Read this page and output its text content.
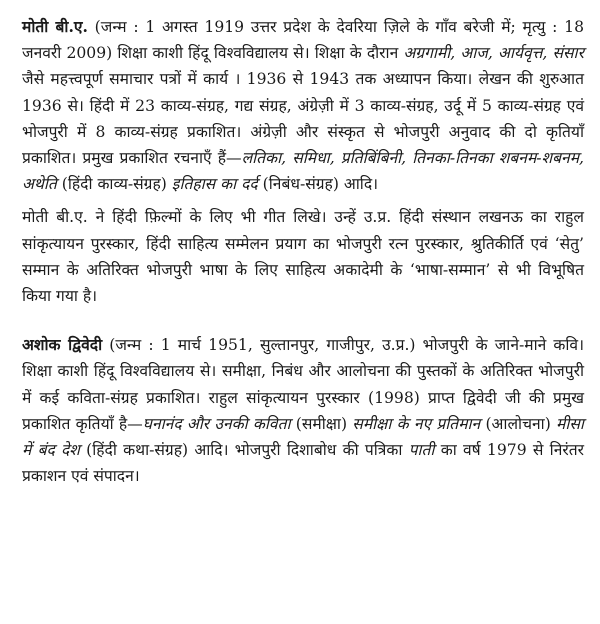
मोती बी.ए. (जन्म : 1 अगस्त 1919 उत्तर प्रदेश के देवरिया ज़िले के गाँव बरेजी में; मृत्यु : 18 जनवरी 2009) शिक्षा काशी हिंदू विश्वविद्यालय से। शिक्षा के दौरान अग्रगामी, आज, आर्यवृत्त, संसार जैसे महत्त्वपूर्ण समाचार पत्रों में कार्य । 1936 से 1943 तक अध्यापन किया। लेखन की शुरुआत 1936 से। हिंदी में 23 काव्य-संग्रह, गद्य संग्रह, अंग्रेज़ी में 3 काव्य-संग्रह, उर्दू में 5 काव्य-संग्रह एवं भोजपुरी में 8 काव्य-संग्रह प्रकाशित। अंग्रेज़ी और संस्कृत से भोजपुरी अनुवाद की दो कृतियाँ प्रकाशित। प्रमुख प्रकाशित रचनाएँ हैं—लतिका, समिधा, प्रतिबिंबिनी, तिनका-तिनका शबनम-शबनम, अथेति (हिंदी काव्य-संग्रह) इतिहास का दर्द (निबंध-संग्रह) आदि।

मोती बी.ए. ने हिंदी फ़िल्मों के लिए भी गीत लिखे। उन्हें उ.प्र. हिंदी संस्थान लखनऊ का राहुल सांकृत्यायन पुरस्कार, हिंदी साहित्य सम्मेलन प्रयाग का भोजपुरी रत्न पुरस्कार, श्रुतिकीर्ति एवं ‘सेतु’ सम्मान के अतिरिक्त भोजपुरी भाषा के लिए साहित्य अकादेमी के ‘भाषा-सम्मान’ से भी विभूषित किया गया है।

अशोक द्विवेदी (जन्म : 1 मार्च 1951, सुल्तानपुर, गाजीपुर, उ.प्र.) भोजपुरी के जाने-माने कवि। शिक्षा काशी हिंदू विश्वविद्यालय से। समीक्षा, निबंध और आलोचना की पुस्तकों के अतिरिक्त भोजपुरी में कई कविता-संग्रह प्रकाशित। राहुल सांकृत्यायन पुरस्कार (1998) प्राप्त द्विवेदी जी की प्रमुख प्रकाशित कृतियाँ है—घनानंद और उनकी कविता (समीक्षा) समीक्षा के नए प्रतिमान (आलोचना) मीसा में बंद देश (हिंदी कथा-संग्रह) आदि। भोजपुरी दिशाबोध की पत्रिका पाती का वर्ष 1979 से निरंतर प्रकाशन एवं संपादन।
